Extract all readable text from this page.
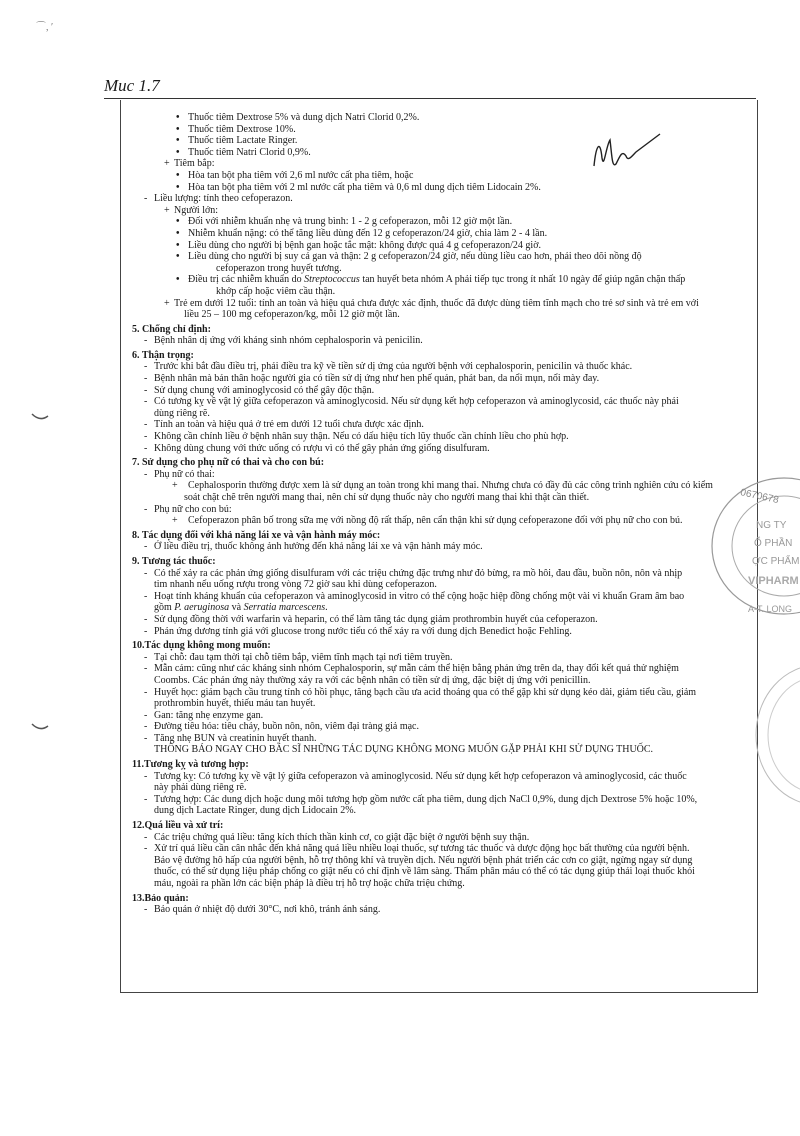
⌒, ′
Muc 1.7
0670678
NG TY
Ổ PHẦN
ỢC PHẨM
VIPHARM
A-T. LONG
• Thuốc tiêm Dextrose 5% và dung dịch Natri Clorid 0,2%.
• Thuốc tiêm Dextrose 10%.
• Thuốc tiêm Lactate Ringer.
• Thuốc tiêm Natri Clorid 0,9%.
+ Tiêm bắp:
• Hòa tan bột pha tiêm với 2,6 ml nước cất pha tiêm, hoặc
• Hòa tan bột pha tiêm với 2 ml nước cất pha tiêm và 0,6 ml dung dịch tiêm Lidocain 2%.
- Liều lượng: tính theo cefoperazon.
+ Người lớn:
• Đối với nhiễm khuẩn nhẹ và trung bình: 1 - 2 g cefoperazon, mỗi 12 giờ một lần.
• Nhiễm khuẩn nặng: có thể tăng liều dùng đến 12 g cefoperazon/24 giờ, chia làm 2 - 4 lần.
• Liều dùng cho người bị bệnh gan hoặc tắc mật: không được quá 4 g cefoperazon/24 giờ.
• Liều dùng cho người bị suy cả gan và thận: 2 g cefoperazon/24 giờ, nếu dùng liều cao hơn, phải theo dõi nồng độ
cefoperazon trong huyết tương.
• Điều trị các nhiễm khuẩn do Streptococcus tan huyết beta nhóm A phải tiếp tục trong ít nhất 10 ngày để giúp ngăn chặn thấp
khớp cấp hoặc viêm cầu thận.
+ Trẻ em dưới 12 tuổi: tính an toàn và hiệu quả chưa được xác định, thuốc đã được dùng tiêm tĩnh mạch cho trẻ sơ sinh và trẻ em với
liều 25 – 100 mg cefoperazon/kg, mỗi 12 giờ một lần.
5. Chống chỉ định:
- Bệnh nhân dị ứng với kháng sinh nhóm cephalosporin và penicilin.
6. Thận trọng:
- Trước khi bắt đầu điều trị, phải điều tra kỹ về tiền sử dị ứng của người bệnh với cephalosporin, penicilin và thuốc khác.
- Bệnh nhân mà bản thân hoặc người gia có tiền sử dị ứng như hen phế quản, phát ban, da nổi mụn, nổi mày đay.
- Sử dụng chung với aminoglycosid có thể gây độc thận.
- Có tương kỵ về vật lý giữa cefoperazon và aminoglycosid. Nếu sử dụng kết hợp cefoperazon và aminoglycosid, các thuốc này phải
dùng riêng rẽ.
- Tính an toàn và hiệu quả ở trẻ em dưới 12 tuổi chưa được xác định.
- Không cần chỉnh liều ở bệnh nhân suy thận. Nếu có dấu hiệu tích lũy thuốc cần chỉnh liều cho phù hợp.
- Không dùng chung với thức uống có rượu vì có thể gây phản ứng giống disulfuram.
7. Sử dụng cho phụ nữ có thai và cho con bú:
- Phụ nữ có thai:
+ Cephalosporin thường được xem là sử dụng an toàn trong khi mang thai. Nhưng chưa có đầy đủ các công trình nghiên cứu có kiểm
soát chặt chẽ trên người mang thai, nên chỉ sử dụng thuốc này cho người mang thai khi thật cần thiết.
- Phụ nữ cho con bú:
+ Cefoperazon phân bố trong sữa mẹ với nồng độ rất thấp, nên cẩn thận khi sử dụng cefoperazone đối với phụ nữ cho con bú.
8. Tác dụng đối với khả năng lái xe và vận hành máy móc:
- Ở liều điều trị, thuốc không ảnh hưởng đến khả năng lái xe và vận hành máy móc.
9. Tương tác thuốc:
- Có thể xảy ra các phản ứng giống disulfuram với các triệu chứng đặc trưng như đỏ bừng, ra mồ hôi, đau đầu, buồn nôn, nôn và nhịp
tim nhanh nếu uống rượu trong vòng 72 giờ sau khi dùng cefoperazon.
- Hoạt tính kháng khuẩn của cefoperazon và aminoglycosid in vitro có thể cộng hoặc hiệp đồng chống một vài vi khuẩn Gram âm bao
gồm P. aeruginosa và Serratia marcescens.
- Sử dụng đồng thời với warfarin và heparin, có thể làm tăng tác dụng giảm prothrombin huyết của cefoperazon.
- Phản ứng dương tính giả với glucose trong nước tiểu có thể xảy ra với dung dịch Benedict hoặc Fehling.
10.Tác dụng không mong muốn:
- Tại chỗ: đau tạm thời tại chỗ tiêm bắp, viêm tĩnh mạch tại nơi tiêm truyền.
- Mẫn cảm: cũng như các kháng sinh nhóm Cephalosporin, sự mẫn cảm thể hiện bằng phản ứng trên da, thay đổi kết quả thử nghiệm
Coombs. Các phản ứng này thường xảy ra với các bệnh nhân có tiền sử dị ứng, đặc biệt dị ứng với penicillin.
- Huyết học: giảm bạch cầu trung tính có hồi phục, tăng bạch cầu ưa acid thoáng qua có thể gặp khi sử dụng kéo dài, giảm tiểu cầu, giảm
prothrombin huyết, thiếu máu tan huyết.
- Gan: tăng nhẹ enzyme gan.
- Đường tiêu hóa: tiêu chảy, buồn nôn, nôn, viêm đại tràng giả mạc.
- Tăng nhẹ BUN và creatinin huyết thanh.
THÔNG BÁO NGAY CHO BÁC SĨ NHỮNG TÁC DỤNG KHÔNG MONG MUỐN GẶP PHẢI KHI SỬ DỤNG THUỐC.
11.Tương kỵ và tương hợp:
- Tương kỵ: Có tương kỵ về vật lý giữa cefoperazon và aminoglycosid. Nếu sử dụng kết hợp cefoperazon và aminoglycosid, các thuốc
này phải dùng riêng rẽ.
- Tương hợp: Các dung dịch hoặc dung môi tương hợp gồm nước cất pha tiêm, dung dịch NaCl 0,9%, dung dịch Dextrose 5% hoặc 10%,
dung dịch Lactate Ringer, dung dịch Lidocain 2%.
12.Quá liều và xử trí:
- Các triệu chứng quá liều: tăng kích thích thần kinh cơ, co giật đặc biệt ở người bệnh suy thận.
- Xử trí quá liều cần cân nhắc đến khả năng quá liều nhiều loại thuốc, sự tương tác thuốc và dược động học bất thường của người bệnh.
Bảo vệ đường hô hấp của người bệnh, hỗ trợ thông khí và truyền dịch. Nếu người bệnh phát triển các cơn co giật, ngừng ngay sử dụng
thuốc, có thể sử dụng liệu pháp chống co giật nếu có chỉ định về lâm sàng. Thẩm phân máu có thể có tác dụng giúp thải loại thuốc khỏi
máu, ngoài ra phần lớn các biện pháp là điều trị hỗ trợ hoặc chữa triệu chứng.
13.Bảo quản:
- Bảo quản ở nhiệt độ dưới 30°C, nơi khô, tránh ánh sáng.
